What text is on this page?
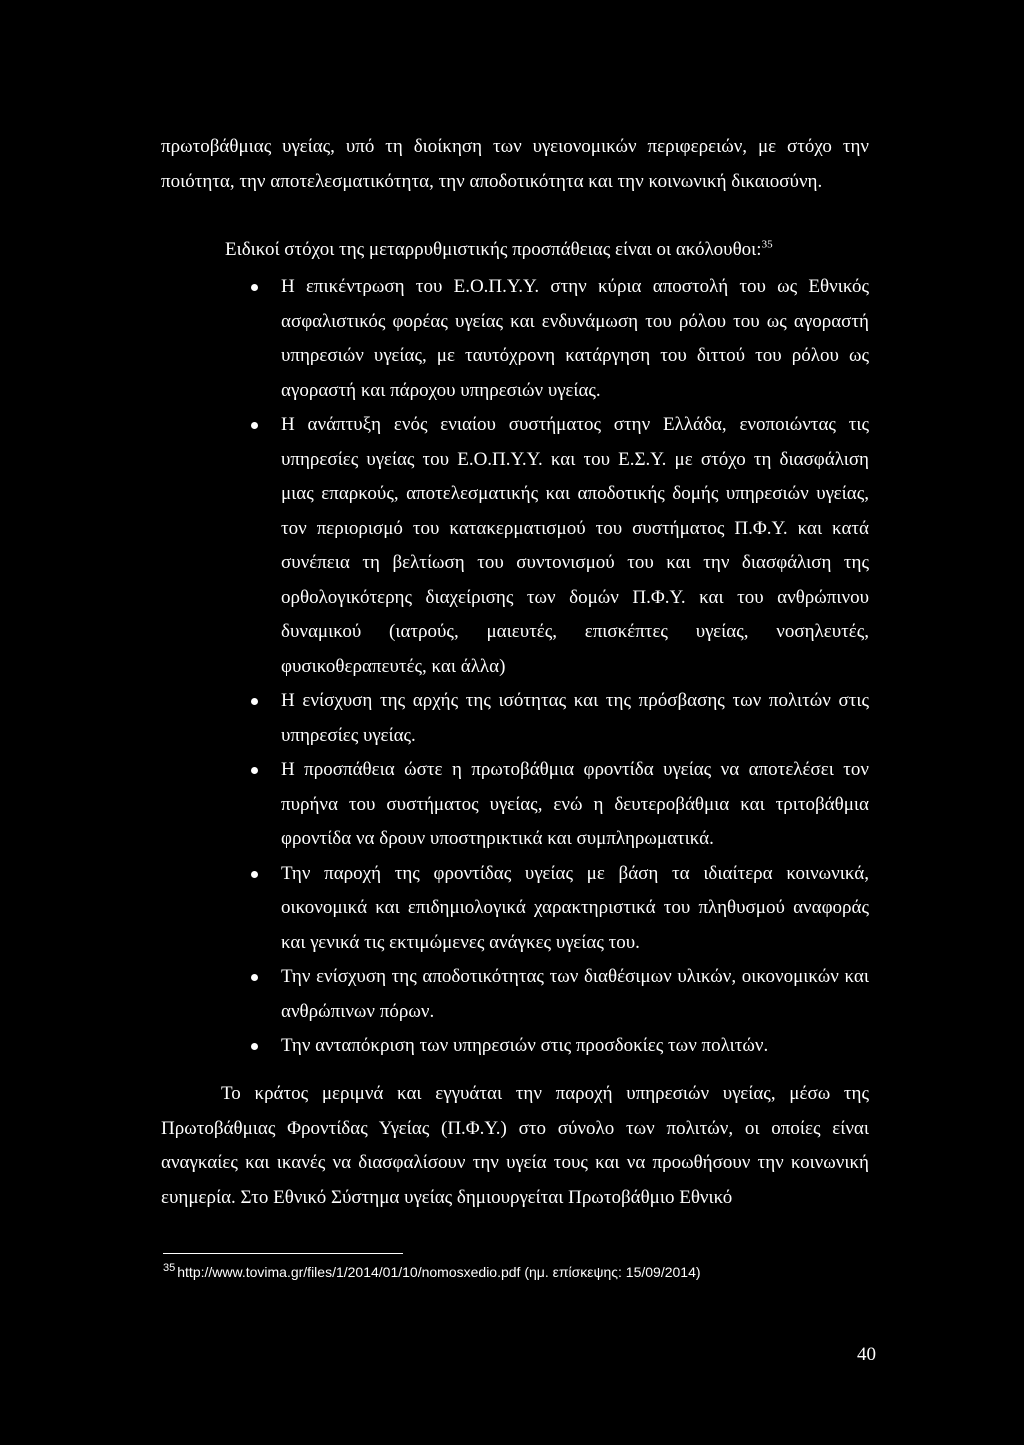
πρωτοβάθμιας υγείας, υπό τη διοίκηση των υγειονομικών περιφερειών, με στόχο την ποιότητα, την αποτελεσματικότητα, την αποδοτικότητα και την κοινωνική δικαιοσύνη.

Ειδικοί στόχοι της μεταρρυθμιστικής προσπάθειας είναι οι ακόλουθοι:$^{35}$

Η επικέντρωση του Ε.Ο.Π.Υ.Υ. στην κύρια αποστολή του ως Εθνικός ασφαλιστικός φορέας υγείας και ενδυνάμωση του ρόλου του ως αγοραστή υπηρεσιών υγείας, με ταυτόχρονη κατάργηση του διττού του ρόλου ως αγοραστή και πάροχου υπηρεσιών υγείας.
Η ανάπτυξη ενός ενιαίου συστήματος στην Ελλάδα, ενοποιώντας τις υπηρεσίες υγείας του Ε.Ο.Π.Υ.Υ. και του Ε.Σ.Υ. με στόχο τη διασφάλιση μιας επαρκούς, αποτελεσματικής και αποδοτικής δομής υπηρεσιών υγείας, τον περιορισμό του κατακερματισμού του συστήματος Π.Φ.Υ. και κατά συνέπεια τη βελτίωση του συντονισμού του και την διασφάλιση της ορθολογικότερης διαχείρισης των δομών Π.Φ.Υ. και του ανθρώπινου δυναμικού (ιατρούς, μαιευτές, επισκέπτες υγείας, νοσηλευτές, φυσικοθεραπευτές, και άλλα)
Η ενίσχυση της αρχής της ισότητας και της πρόσβασης των πολιτών στις υπηρεσίες υγείας.
Η προσπάθεια ώστε η πρωτοβάθμια φροντίδα υγείας να αποτελέσει τον πυρήνα του συστήματος υγείας, ενώ η δευτεροβάθμια και τριτοβάθμια φροντίδα να δρουν υποστηρικτικά και συμπληρωματικά.
Την παροχή της φροντίδας υγείας με βάση τα ιδιαίτερα κοινωνικά, οικονομικά και επιδημιολογικά χαρακτηριστικά του πληθυσμού αναφοράς και γενικά τις εκτιμώμενες ανάγκες υγείας του.
Την ενίσχυση της αποδοτικότητας των διαθέσιμων υλικών, οικονομικών και ανθρώπινων πόρων.
Την ανταπόκριση των υπηρεσιών στις προσδοκίες των πολιτών.

Το κράτος μεριμνά και εγγυάται την παροχή υπηρεσιών υγείας, μέσω της Πρωτοβάθμιας Φροντίδας Υγείας (Π.Φ.Υ.) στο σύνολο των πολιτών, οι οποίες είναι αναγκαίες και ικανές να διασφαλίσουν την υγεία τους και να προωθήσουν την κοινωνική ευημερία. Στο Εθνικό Σύστημα υγείας δημιουργείται Πρωτοβάθμιο Εθνικό

$^{35}$ http://www.tovima.gr/files/1/2014/01/10/nomosxedio.pdf (ημ. επίσκεψης: 15/09/2014)
40
